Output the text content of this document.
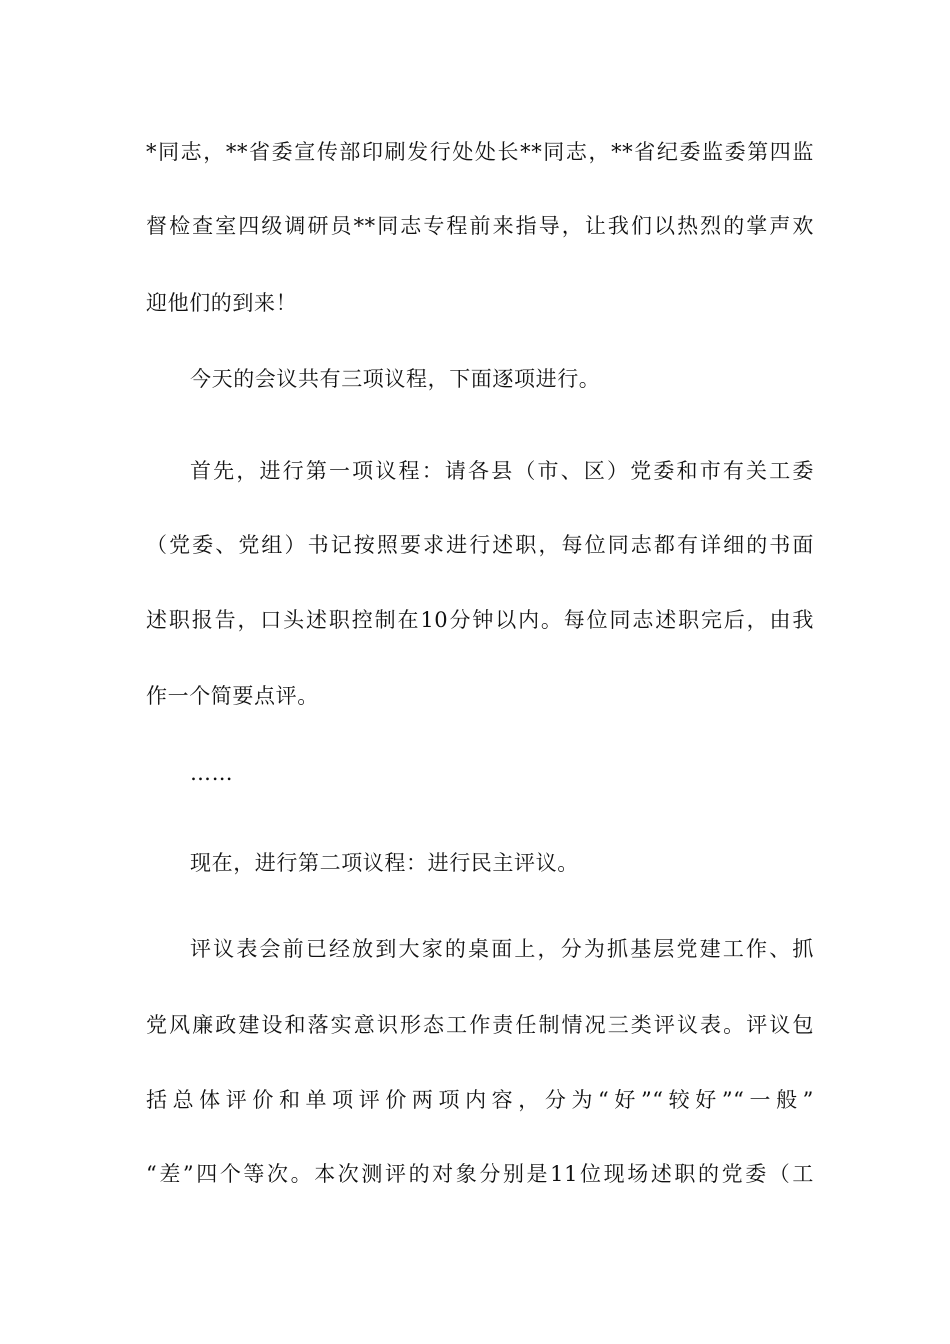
*同志，**省委宣传部印刷发行处处长**同志，**省纪委监委第四监
督检查室四级调研员**同志专程前来指导，让我们以热烈的掌声欢
迎他们的到来！
今天的会议共有三项议程，下面逐项进行。
首先，进行第一项议程：请各县（市、区）党委和市有关工委
（党委、党组）书记按照要求进行述职，每位同志都有详细的书面
述职报告，口头述职控制在10分钟以内。每位同志述职完后，由我
作一个简要点评。
……
现在，进行第二项议程：进行民主评议。
评议表会前已经放到大家的桌面上，分为抓基层党建工作、抓
党风廉政建设和落实意识形态工作责任制情况三类评议表。评议包
括总体评价和单项评价两项内容，分为“好”“较好”“一般”
“差”四个等次。本次测评的对象分别是11位现场述职的党委（工
